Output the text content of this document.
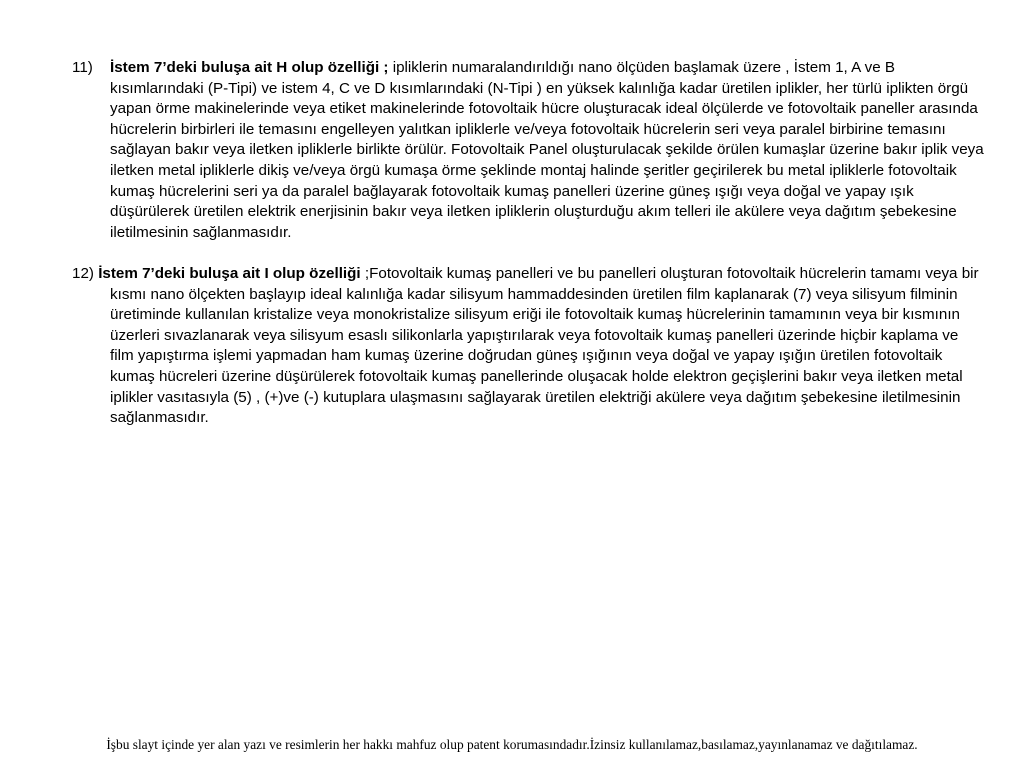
11) İstem 7’deki buluşa ait H olup özelliği ; ipliklerin numaralandırıldığı nano ölçüden başlamak üzere , İstem 1, A ve B kısımlarındaki (P-Tipi) ve istem 4, C ve D kısımlarındaki (N-Tipi ) en yüksek kalınlığa kadar üretilen iplikler, her türlü iplikten örgü yapan örme makinelerinde veya etiket makinelerinde fotovoltaik hücre oluşturacak ideal ölçülerde ve fotovoltaik paneller arasında hücrelerin birbirleri ile temasını engelleyen yalıtkan ipliklerle ve/veya fotovoltaik hücrelerin seri veya paralel birbirine temasını sağlayan bakır veya iletken ipliklerle birlikte örülür. Fotovoltaik Panel oluşturulacak şekilde örülen kumaşlar üzerine bakır iplik veya iletken metal ipliklerle dikiş ve/veya örgü kumaşa örme şeklinde montaj halinde şeritler geçirilerek bu metal ipliklerle fotovoltaik kumaş hücrelerini seri ya da paralel bağlayarak fotovoltaik kumaş panelleri üzerine güneş ışığı veya doğal ve yapay ışık düşürülerek üretilen elektrik enerjisinin bakır veya iletken ipliklerin oluşturduğu akım telleri ile akülere veya dağıtım şebekesine iletilmesinin sağlanmasıdır.

12) İstem 7’deki buluşa ait I olup özelliği ;Fotovoltaik kumaş panelleri ve bu panelleri oluşturan fotovoltaik hücrelerin tamamı veya bir kısmı nano ölçekten başlayıp ideal kalınlığa kadar silisyum hammaddesinden üretilen film kaplanarak (7) veya silisyum filminin üretiminde kullanılan kristalize veya monokristalize silisyum eriği ile fotovoltaik kumaş hücrelerinin tamamının veya bir kısmının üzerleri sıvazlanarak veya silisyum esaslı silikonlarla yapıştırılarak veya fotovoltaik kumaş panelleri üzerinde hiçbir kaplama ve film yapıştırma işlemi yapmadan ham kumaş üzerine doğrudan güneş ışığının veya doğal ve yapay ışığın üretilen fotovoltaik kumaş hücreleri üzerine düşürülerek fotovoltaik kumaş panellerinde oluşacak holde elektron geçişlerini bakır veya iletken metal iplikler vasıtasıyla (5) , (+)ve (-) kutuplara ulaşmasını sağlayarak üretilen elektriği akülere veya dağıtım şebekesine iletilmesinin sağlanmasıdır.

İşbu slayt içinde yer alan yazı ve resimlerin her hakkı mahfuz olup patent korumasındadır.İzinsiz kullanılamaz,basılamaz,yayınlanamaz ve dağıtılamaz.
